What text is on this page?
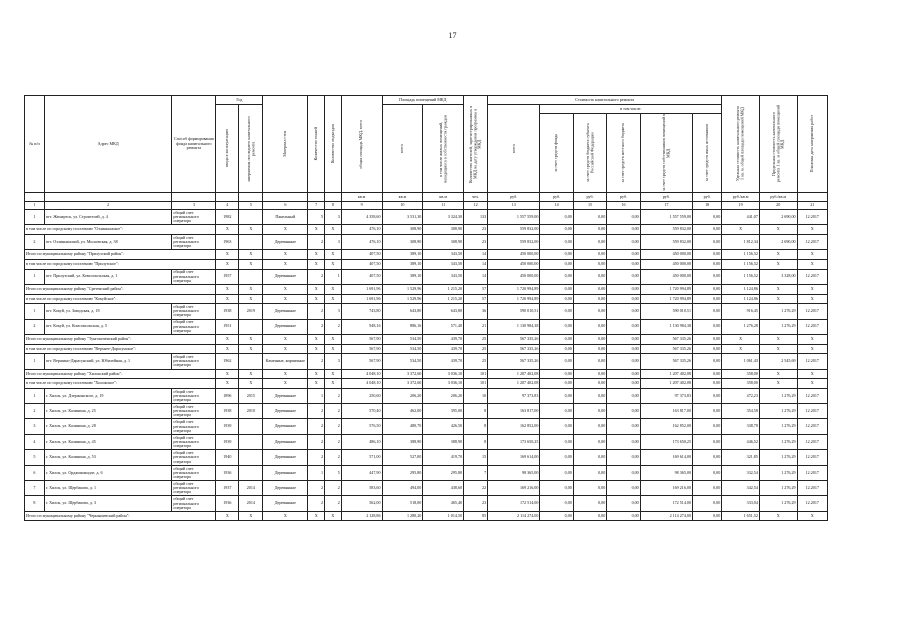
17
№ п/п	Адрес МКД	Способ формирования фонда капитального ремонта	Год		Материал стен	Количество этажей	Количество подъездов	общая площадь МКД, всего	Площадь помещений МКД		Количество жителей, зарегистрированных в МКД на дату утверждения программы в МКД	Стоимость капитального ремонта						Удельная стоимость капитального ремонта 1 кв. м. общей площади помещений МКД	Предельная стоимость капитального ремонта 1 кв. м общей площади помещений МКД	Плановая дата завершения работ

			ввода в эксплуатацию	завершения последнего капитального ремонта					всего	в том числе жилых помещений, находящихся в собственности граждан		всего	в том числе:							

													за счет средств фонда	за счет средств бюджета субъекта Российской Федерации	за счет средств местного бюджета	за счет средств собственников помещений в МКД	за счет средств иных источников			

								кв.м	кв.м	кв.м	чел.	руб.	руб.	руб.	руб.	руб.	руб.	руб./кв.м	руб./кв.м	
1	2	3	4	5	6	7	8	9	10	11	12	13	14	15	16	17	18	19	20	21
1	пгт. Жешартск, ул. Строителей, д. 4	общий счет регионального оператора	1982		Панельный	5	3	4 358,60	3 531,30	3 324,30	133	1 557 559,00	0,00	0,00	0,00	1 557 559,00	0,00	441,07	2 690,00	12.2017
в том числе по городскому поселению "Озлиньинское":			X	X	X	X	X	476,10	308,90	308,90	23	559 832,00	0,00	0,00	0,00	559 832,00	0,00	X	X	X
2	пгт. Озлиньинский, ул. Московская, д. 38	общий счет регионального оператора	1963		Деревянные	2	3	476,10	308,90	308,90	23	559 832,00	0,00	0,00	0,00	559 832,00	0,00	1 812,34	2 690,00	12.2017
Итого по муниципальному району "Прилузский район":			X	X	X	X	X	407,50	389,10	343,50	14	450 000,00	0,00	0,00	0,00	450 000,00	0,00	1 156,52	X	X
в том числе по городскому поселению "Прилузское":			X	X	X	X	X	407,50	389,10	343,50	14	450 000,00	0,00	0,00	0,00	450 000,00	0,00	1 156,52	X	X
1	пгт. Прилузский, ул. Комсомольская, д. 1	общий счет регионального оператора	1957		Деревянные	2	1	407,50	389,10	343,50	14	450 000,00	0,00	0,00	0,00	450 000,00	0,00	1 156,52	3 328,00	12.2017
Итого по муниципальному району "Сретенский район":			X	X	X	X	X	1 691,96	1 529,96	1 215,20	57	1 720 994,89	0,00	0,00	0,00	1 720 994,89	0,00	1 124,86	X	X
в том числе по городскому поселению "Кокуйское":			X	X	X	X	X	1 691,96	1 529,96	1 215,20	57	1 720 994,89	0,00	0,00	0,00	1 720 994,89	0,00	1 124,86	X	X
1	пгт. Кокуй, ул. Заводская, д. 18	общий счет регионального оператора	1938	2019	Деревянные	2	3	743,80	643,80	643,80	36	590 010,51	0,00	0,00	0,00	590 010,51	0,00	916,45	1 276,29	12.2017
2	пгт. Кокуй, ул. Комсомольская, д. 5	общий счет регионального оператора	1951		Деревянные	2	2	948,16	886,16	571,40	21	1 130 984,38	0,00	0,00	0,00	1 130 984,38	0,00	1 276,28	1 276,29	12.2017
Итого по муниципальному району "Тунгокоченский район":			X	X	X	X	X	567,90	534,50	439,70	25	567 335,26	0,00	0,00	0,00	567 335,26	0,00	X	X	X
в том числе по городскому поселению "Верхнее-Дарасунское":			X	X	X	X	X	567,90	534,50	439,70	25	567 335,26	0,00	0,00	0,00	567 335,26	0,00	X	X	X
1	пгт. Вершино-Дарасунский, ул. Юбилейная, д. 1	общий счет регионального оператора	1962		Каменные, кирпичные	2	3	567,90	534,50	439,70	25	567 335,26	0,00	0,00	0,00	567 335,26	0,00	1 061,43	2 545,69	12.2017
Итого по муниципальному району "Хилокский район":			X	X	X	X	X	4 048,10	3 372,60	3 036,10	101	1 207 402,08	0,00	0,00	0,00	1 207 402,08	0,00	358,00	X	X
в том числе по городскому поселению "Хилокское":			X	X	X	X	X	4 048,10	3 372,60	3 036,10	101	1 207 402,08	0,00	0,00	0,00	1 207 402,08	0,00	358,00	X	X
1	г. Хилок, ул. Дзержинского, д. 19	общий счет регионального оператора	1896	2015	Деревянные	1	2	250,60	206,20	206,20	10	97 373,83	0,00	0,00	0,00	97 373,83	0,00	472,23	1 276,29	12.2017
2	г. Хилок, ул. Калинина, д. 25	общий счет регионального оператора	1938	2010	Деревянные	2	2	570,40	462,00	395,00	8	163 817,00	0,00	0,00	0,00	163 817,00	0,00	354,58	1 276,29	12.2017
3	г. Хилок, ул. Калинина, д. 28	общий счет регионального оператора	1939		Деревянные	2	2	576,50	480,70	426,50	8	162 852,00	0,00	0,00	0,00	162 852,00	0,00	338,78	1 276,29	12.2017
4	г. Хилок, ул. Калинина, д. 45	общий счет регионального оператора	1939		Деревянные	2	2	486,10	388,90	388,90	8	173 650,25	0,00	0,00	0,00	173 650,25	0,00	446,52	1 276,29	12.2017
5	г. Хилок, ул. Калинина, д. 53	общий счет регионального оператора	1940		Деревянные	2	2	571,00	527,00	419,70	15	169 614,00	0,00	0,00	0,00	169 614,00	0,00	321,85	1 276,29	12.2017
6	г. Хилок, ул. Орджоникидзе, д. 6	общий счет регионального оператора	1936		Деревянные	1	5	447,90	295,80	295,80	7	98 365,00	0,00	0,00	0,00	98 365,00	0,00	332,54	1 276,29	12.2017
7	г. Хилок, ул. Щербакова, д. 1	общий счет регионального оператора	1937	2014	Деревянные	2	2	583,60	494,00	438,60	22	169 216,00	0,00	0,00	0,00	169 216,00	0,00	342,54	1 276,29	12.2017
8	г. Хилок, ул. Щербакова, д. 3	общий счет регионального оператора	1936	2014	Деревянные	2	2	562,00	518,00	465,40	23	172 514,00	0,00	0,00	0,00	172 514,00	0,00	333,04	1 276,29	12.2017
Итого по муниципальному району "Чернышевский район":			X	X	X	X	X	2 128,86	1 280,20	1 014,50	85	2 114 274,00	0,00	0,00	0,00	2 114 274,00	0,00	1 651,52	X	X
